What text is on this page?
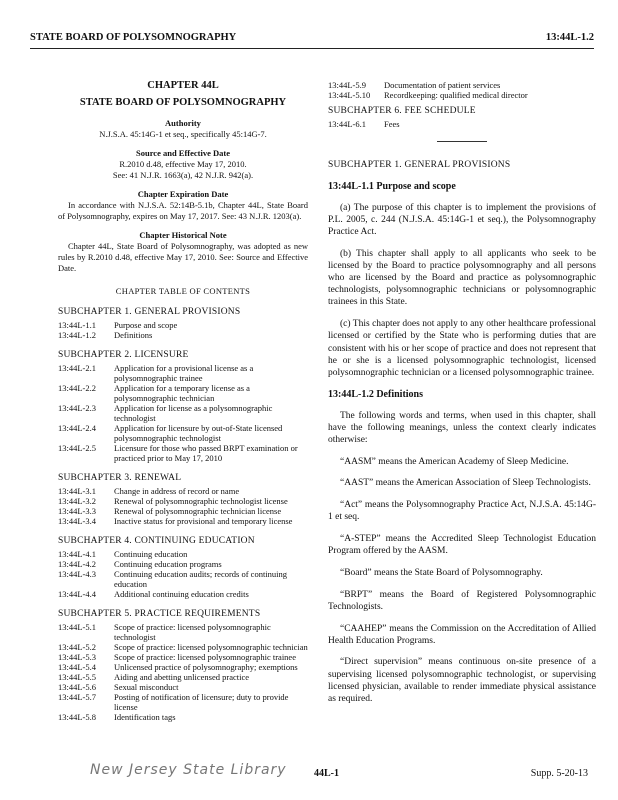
STATE BOARD OF POLYSOMNOGRAPHY	13:44L-1.2
CHAPTER 44L
STATE BOARD OF POLYSOMNOGRAPHY
Authority
N.J.S.A. 45:14G-1 et seq., specifically 45:14G-7.
Source and Effective Date
R.2010 d.48, effective May 17, 2010.
See: 41 N.J.R. 1663(a), 42 N.J.R. 942(a).
Chapter Expiration Date
In accordance with N.J.S.A. 52:14B-5.1b, Chapter 44L, State Board of Polysomnography, expires on May 17, 2017. See: 43 N.J.R. 1203(a).
Chapter Historical Note
Chapter 44L, State Board of Polysomnography, was adopted as new rules by R.2010 d.48, effective May 17, 2010. See: Source and Effective Date.
CHAPTER TABLE OF CONTENTS
SUBCHAPTER 1. GENERAL PROVISIONS
13:44L-1.1	Purpose and scope
13:44L-1.2	Definitions
SUBCHAPTER 2. LICENSURE
13:44L-2.1	Application for a provisional license as a polysomnographic trainee
13:44L-2.2	Application for a temporary license as a polysomnographic technician
13:44L-2.3	Application for license as a polysomnographic technologist
13:44L-2.4	Application for licensure by out-of-State licensed polysomnographic technologist
13:44L-2.5	Licensure for those who passed BRPT examination or practiced prior to May 17, 2010
SUBCHAPTER 3. RENEWAL
13:44L-3.1	Change in address of record or name
13:44L-3.2	Renewal of polysomnographic technologist license
13:44L-3.3	Renewal of polysomnographic technician license
13:44L-3.4	Inactive status for provisional and temporary license
SUBCHAPTER 4. CONTINUING EDUCATION
13:44L-4.1	Continuing education
13:44L-4.2	Continuing education programs
13:44L-4.3	Continuing education audits; records of continuing education
13:44L-4.4	Additional continuing education credits
SUBCHAPTER 5. PRACTICE REQUIREMENTS
13:44L-5.1	Scope of practice: licensed polysomnographic technologist
13:44L-5.2	Scope of practice: licensed polysomnographic technician
13:44L-5.3	Scope of practice: licensed polysomnographic trainee
13:44L-5.4	Unlicensed practice of polysomnography; exemptions
13:44L-5.5	Aiding and abetting unlicensed practice
13:44L-5.6	Sexual misconduct
13:44L-5.7	Posting of notification of licensure; duty to provide license
13:44L-5.8	Identification tags
13:44L-5.9	Documentation of patient services
13:44L-5.10	Recordkeeping: qualified medical director
SUBCHAPTER 6. FEE SCHEDULE
13:44L-6.1	Fees
SUBCHAPTER 1. GENERAL PROVISIONS
13:44L-1.1 Purpose and scope

(a) The purpose of this chapter is to implement the provisions of P.L. 2005, c. 244 (N.J.S.A. 45:14G-1 et seq.), the Polysomnography Practice Act.

(b) This chapter shall apply to all applicants who seek to be licensed by the Board to practice polysomnography and all persons who are licensed by the Board and practice as polysomnographic technologists, polysomnographic technicians or polysomnographic trainees in this State.

(c) This chapter does not apply to any other healthcare professional licensed or certified by the State who is performing duties that are consistent with his or her scope of practice and does not represent that he or she is a licensed polysomnographic technologist, licensed polysomnographic technician or a licensed polysomnographic trainee.

13:44L-1.2 Definitions

The following words and terms, when used in this chapter, shall have the following meanings, unless the context clearly indicates otherwise:

“AASM” means the American Academy of Sleep Medicine.

“AAST” means the American Association of Sleep Technologists.

“Act” means the Polysomnography Practice Act, N.J.S.A. 45:14G-1 et seq.

“A-STEP” means the Accredited Sleep Technologist Education Program offered by the AASM.

“Board” means the State Board of Polysomnography.

“BRPT” means the Board of Registered Polysomnographic Technologists.

“CAAHEP” means the Commission on the Accreditation of Allied Health Education Programs.

“Direct supervision” means continuous on-site presence of a supervising licensed polysomnographic technologist, or supervising licensed physician, available to render immediate physical assistance as required.

New Jersey State Library	44L-1	Supp. 5-20-13
